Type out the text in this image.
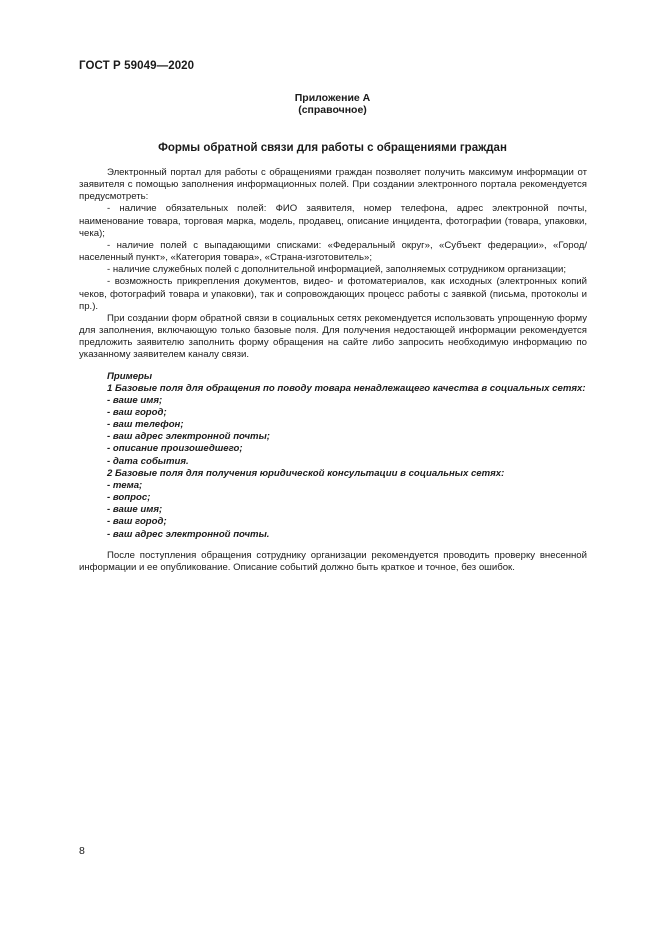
ГОСТ Р 59049—2020
Приложение А
(справочное)
Формы обратной связи для работы с обращениями граждан

Электронный портал для работы с обращениями граждан позволяет получить максимум информации от заявителя с помощью заполнения информационных полей. При создании электронного портала рекомендуется предусмотреть:

- наличие обязательных полей: ФИО заявителя, номер телефона, адрес электронной почты, наименование товара, торговая марка, модель, продавец, описание инцидента, фотографии (товара, упаковки, чека);

- наличие полей с выпадающими списками: «Федеральный округ», «Субъект федерации», «Город/населенный пункт», «Категория товара», «Страна-изготовитель»;

- наличие служебных полей с дополнительной информацией, заполняемых сотрудником организации;

- возможность прикрепления документов, видео- и фотоматериалов, как исходных (электронных копий чеков, фотографий товара и упаковки), так и сопровождающих процесс работы с заявкой (письма, протоколы и пр.).

При создании форм обратной связи в социальных сетях рекомендуется использовать упрощенную форму для заполнения, включающую только базовые поля. Для получения недостающей информации рекомендуется предложить заявителю заполнить форму обращения на сайте либо запросить необходимую информацию по указанному заявителем каналу связи.

Примеры

1 Базовые поля для обращения по поводу товара ненадлежащего качества в социальных сетях:

- ваше имя;

- ваш город;

- ваш телефон;

- ваш адрес электронной почты;

- описание произошедшего;

- дата события.

2 Базовые поля для получения юридической консультации в социальных сетях:

- тема;

- вопрос;

- ваше имя;

- ваш город;

- ваш адрес электронной почты.

После поступления обращения сотруднику организации рекомендуется проводить проверку внесенной информации и ее опубликование. Описание событий должно быть краткое и точное, без ошибок.

8
